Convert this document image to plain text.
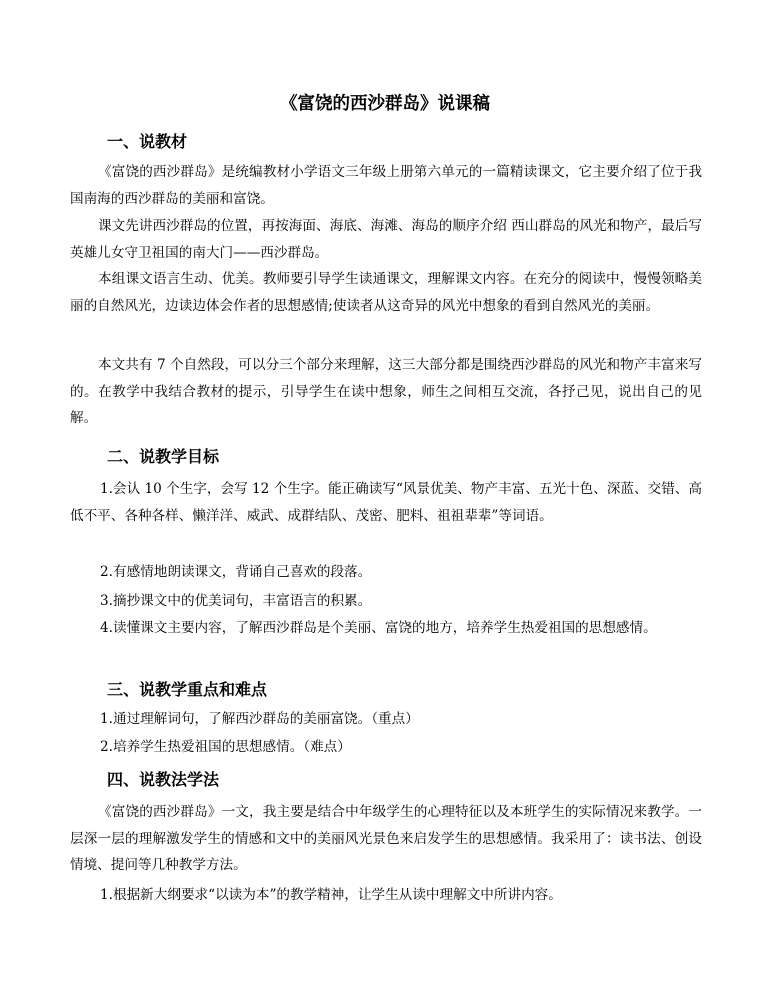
《富饶的西沙群岛》说课稿
一、说教材
《富饶的西沙群岛》是统编教材小学语文三年级上册第六单元的一篇精读课文，它主要介绍了位于我国南海的西沙群岛的美丽和富饶。
课文先讲西沙群岛的位置，再按海面、海底、海滩、海岛的顺序介绍 西山群岛的风光和物产，最后写英雄儿女守卫祖国的南大门——西沙群岛。
本组课文语言生动、优美。教师要引导学生读通课文，理解课文内容。在充分的阅读中，慢慢领略美丽的自然风光，边读边体会作者的思想感情;使读者从这奇异的风光中想象的看到自然风光的美丽。
本文共有 7 个自然段，可以分三个部分来理解，这三大部分都是围绕西沙群岛的风光和物产丰富来写的。在教学中我结合教材的提示，引导学生在读中想象，师生之间相互交流，各抒己见，说出自己的见解。
二、说教学目标
1.会认 10 个生字，会写 12 个生字。能正确读写“风景优美、物产丰富、五光十色、深蓝、交错、高低不平、各种各样、懒洋洋、威武、成群结队、茂密、肥料、祖祖辈辈”等词语。
2.有感情地朗读课文，背诵自己喜欢的段落。
3.摘抄课文中的优美词句，丰富语言的积累。
4.读懂课文主要内容，了解西沙群岛是个美丽、富饶的地方，培养学生热爱祖国的思想感情。
三、说教学重点和难点
1.通过理解词句，了解西沙群岛的美丽富饶。（重点）
2.培养学生热爱祖国的思想感情。（难点）
四、说教法学法
《富饶的西沙群岛》一文，我主要是结合中年级学生的心理特征以及本班学生的实际情况来教学。一层深一层的理解激发学生的情感和文中的美丽风光景色来启发学生的思想感情。我采用了：读书法、创设情境、提问等几种教学方法。
1.根据新大纲要求“以读为本”的教学精神，让学生从读中理解文中所讲内容。
